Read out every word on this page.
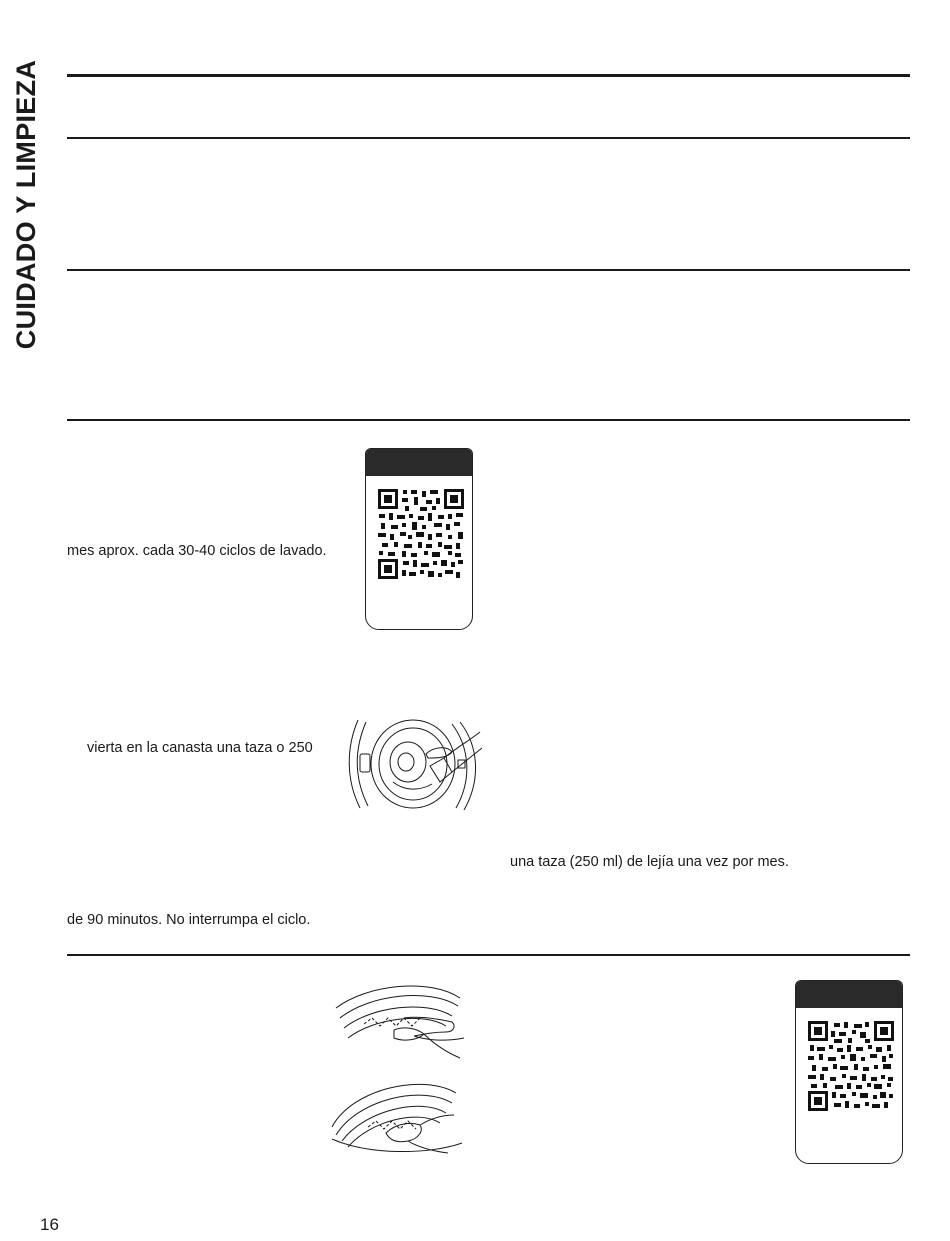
CUIDADO Y LIMPIEZA
mes aprox. cada 30-40 ciclos de lavado.
vierta en la canasta una taza o 250
una taza (250 ml) de lejía una vez por mes.
de 90 minutos. No interrumpa el ciclo.
16
